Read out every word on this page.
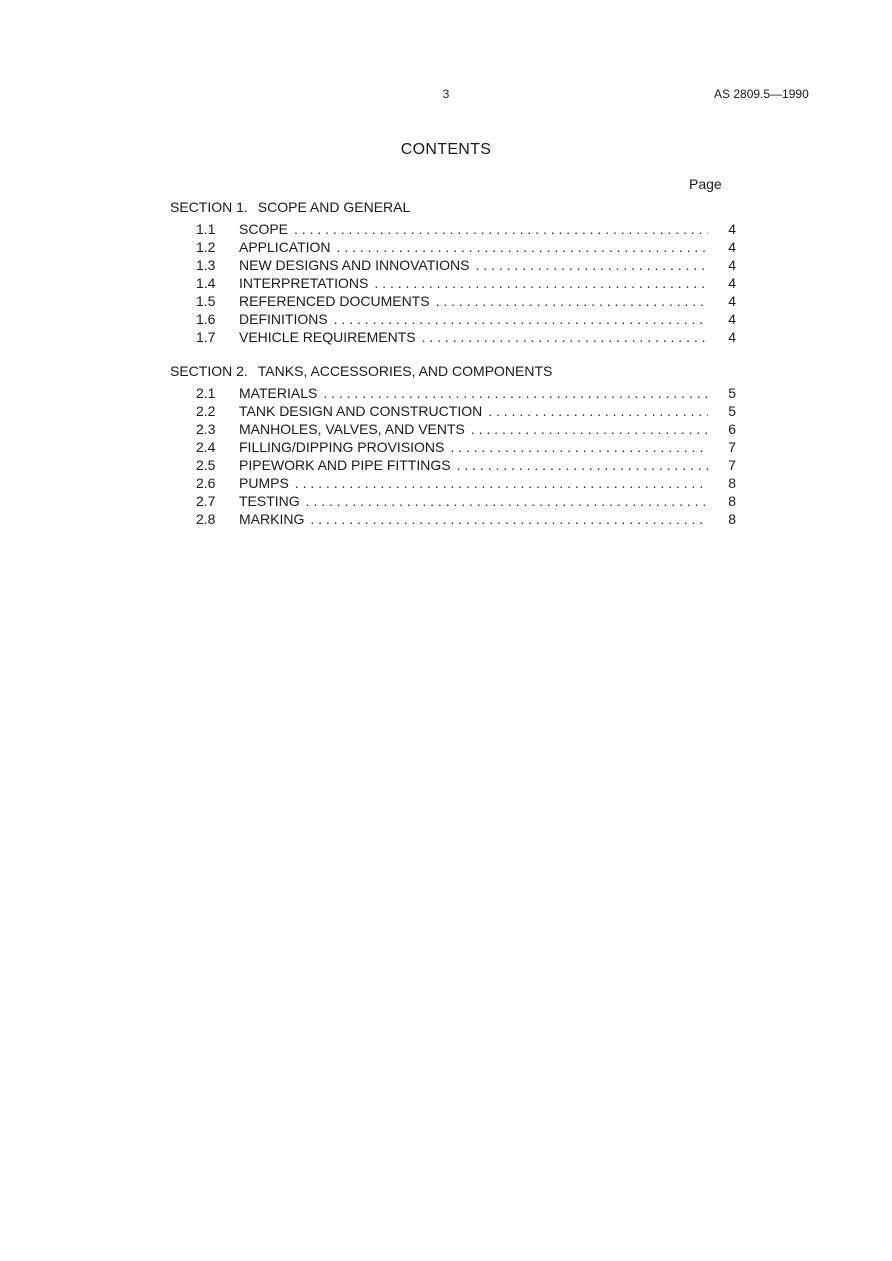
3	AS 2809.5—1990
CONTENTS
Page
SECTION 1. SCOPE AND GENERAL
1.1	SCOPE . . .	4
1.2	APPLICATION . . .	4
1.3	NEW DESIGNS AND INNOVATIONS . . .	4
1.4	INTERPRETATIONS . . .	4
1.5	REFERENCED DOCUMENTS . . .	4
1.6	DEFINITIONS . . .	4
1.7	VEHICLE REQUIREMENTS . . .	4
SECTION 2. TANKS, ACCESSORIES, AND COMPONENTS
2.1	MATERIALS . . .	5
2.2	TANK DESIGN AND CONSTRUCTION . . .	5
2.3	MANHOLES, VALVES, AND VENTS . . .	6
2.4	FILLING/DIPPING PROVISIONS . . .	7
2.5	PIPEWORK AND PIPE FITTINGS . . .	7
2.6	PUMPS . . .	8
2.7	TESTING . . .	8
2.8	MARKING . . .	8
